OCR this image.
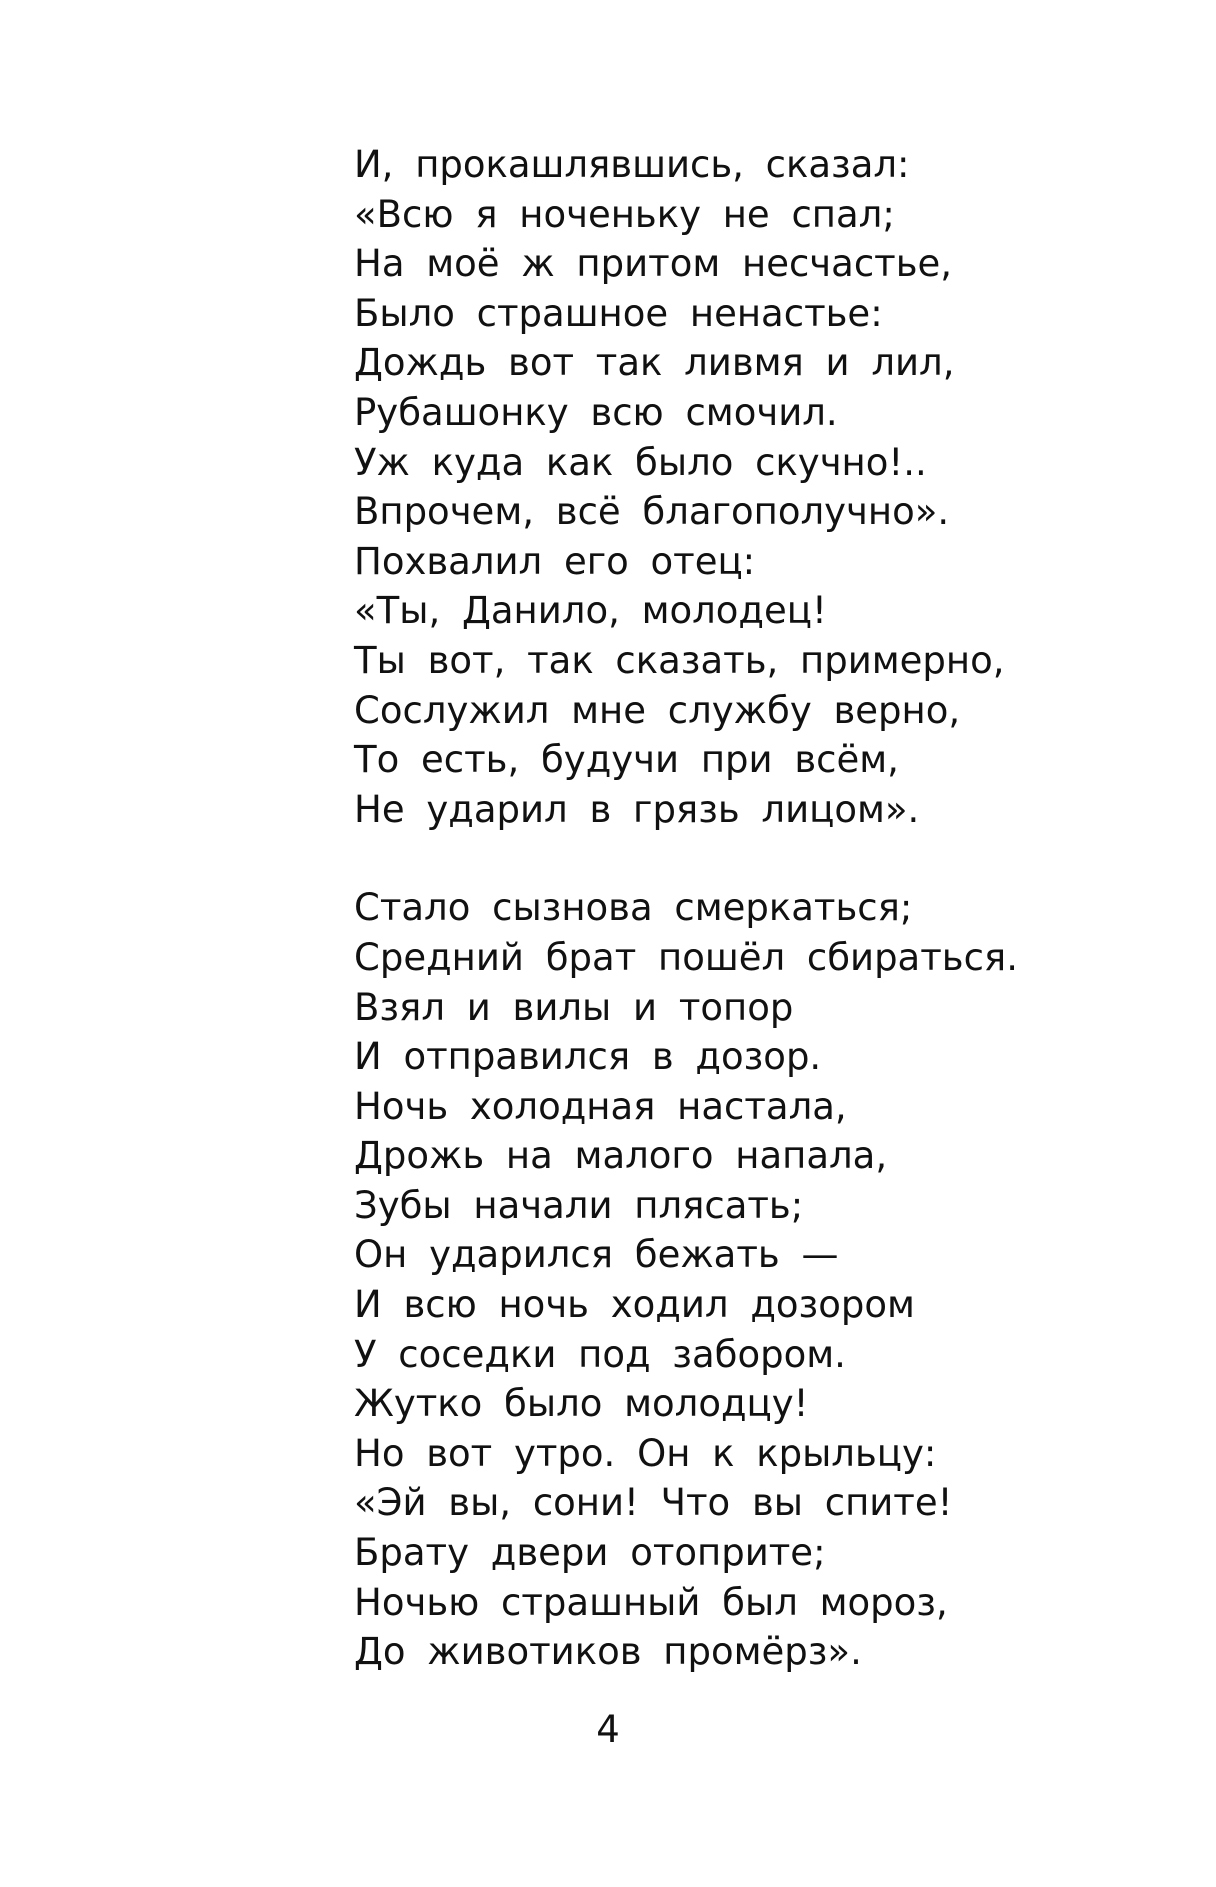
И, прокашлявшись, сказал:
«Всю я ноченьку не спал;
На моё ж притом несчастье,
Было страшное ненастье:
Дождь вот так ливмя и лил,
Рубашонку всю смочил.
Уж куда как было скучно!..
Впрочем, всё благополучно».
Похвалил его отец:
«Ты, Данило, молодец!
Ты вот, так сказать, примерно,
Сослужил мне службу верно,
То есть, будучи при всём,
Не ударил в грязь лицом».
Стало сызнова смеркаться;
Средний брат пошёл сбираться.
Взял и вилы и топор
И отправился в дозор.
Ночь холодная настала,
Дрожь на малого напала,
Зубы начали плясать;
Он ударился бежать —
И всю ночь ходил дозором
У соседки под забором.
Жутко было молодцу!
Но вот утро. Он к крыльцу:
«Эй вы, сони! Что вы спите!
Брату двери отоприте;
Ночью страшный был мороз,
До животиков промёрз».
4
